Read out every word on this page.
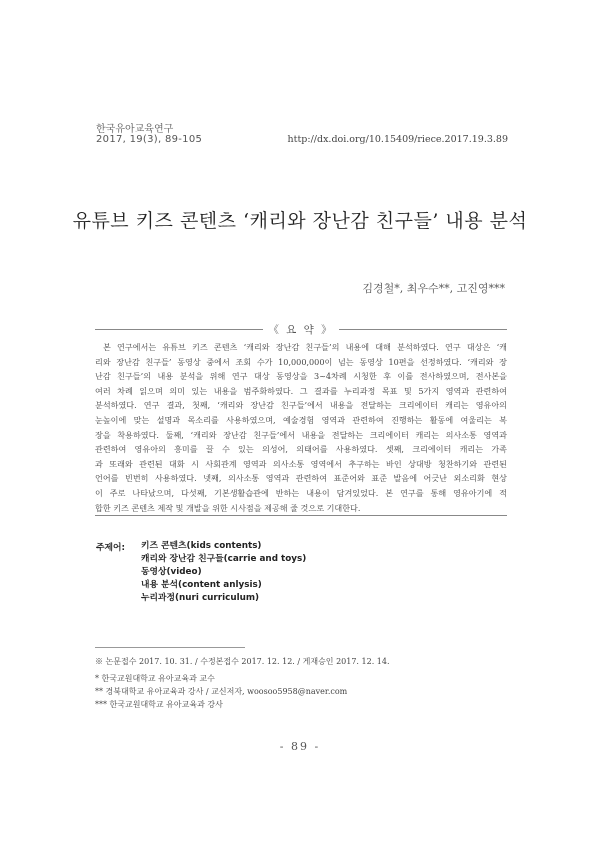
한국유아교육연구
2017, 19(3), 89-105	http://dx.doi.org/10.15409/riece.2017.19.3.89
유튜브 키즈 콘텐츠 ‘캐리와 장난감 친구들’ 내용 분석
김경철*, 최우수**, 고진영***
《 요 약 》
본 연구에서는 유튜브 키즈 콘텐츠 ‘캐리와 장난감 친구들’의 내용에 대해 분석하였다. 연구 대상은 ‘캐
리와 장난감 친구들’ 동영상 중에서 조회 수가 10,000,000이 넘는 동영상 10편을 선정하였다. ‘캐리와 장
난감 친구들’의 내용 분석을 위해 연구 대상 동영상을 3~4차례 시청한 후 이를 전사하였으며, 전사본을
여러 차례 읽으며 의미 있는 내용을 범주화하였다. 그 결과를 누리과정 목표 및 5가지 영역과 관련하여
분석하였다. 연구 결과, 첫째, ‘캐리와 장난감 친구들’에서 내용을 전달하는 크리에이터 캐리는 영유아의
눈높이에 맞는 설명과 목소리를 사용하였으며, 예술경험 영역과 관련하여 진행하는 활동에 여울리는 복
장을 착용하였다. 둘째, ‘캐리와 장난감 친구들’에서 내용을 전달하는 크리에이터 캐리는 의사소통 영역과
관련하여 영유아의 흥미를 끌 수 있는 의성어, 의태어를 사용하였다. 셋째, 크리에이터 캐리는 가족
과 또래와 관련된 대화 시 사회관계 영역과 의사소통 영역에서 추구하는 바인 상대방 청찬하기와 관련된
언어를 빈번히 사용하였다. 넷째, 의사소통 영역과 관련하여 표준어와 표준 발음에 어긋난 외소리화 현상
이 주로 나타났으며, 다섯째, 기본생활습관에 반하는 내용이 담겨있었다. 본 연구를 통해 영유아기에 적
합한 키즈 콘텐츠 제작 및 개발을 위한 시사점을 제공해 줄 것으로 기대한다.
주제어: 키즈 콘텐츠(kids contents)
캐리와 장난감 친구들(carrie and toys)
동영상(video)
내용 분석(content anlysis)
누리과정(nuri curriculum)
※ 논문접수 2017. 10. 31. / 수정본접수 2017. 12. 12. / 게재승인 2017. 12. 14.
* 한국교원대학교 유아교육과 교수
** 경북대학교 유아교육과 강사 / 교신저자, woosoo5958@naver.com
*** 한국교원대학교 유아교육과 강사
- 89 -
